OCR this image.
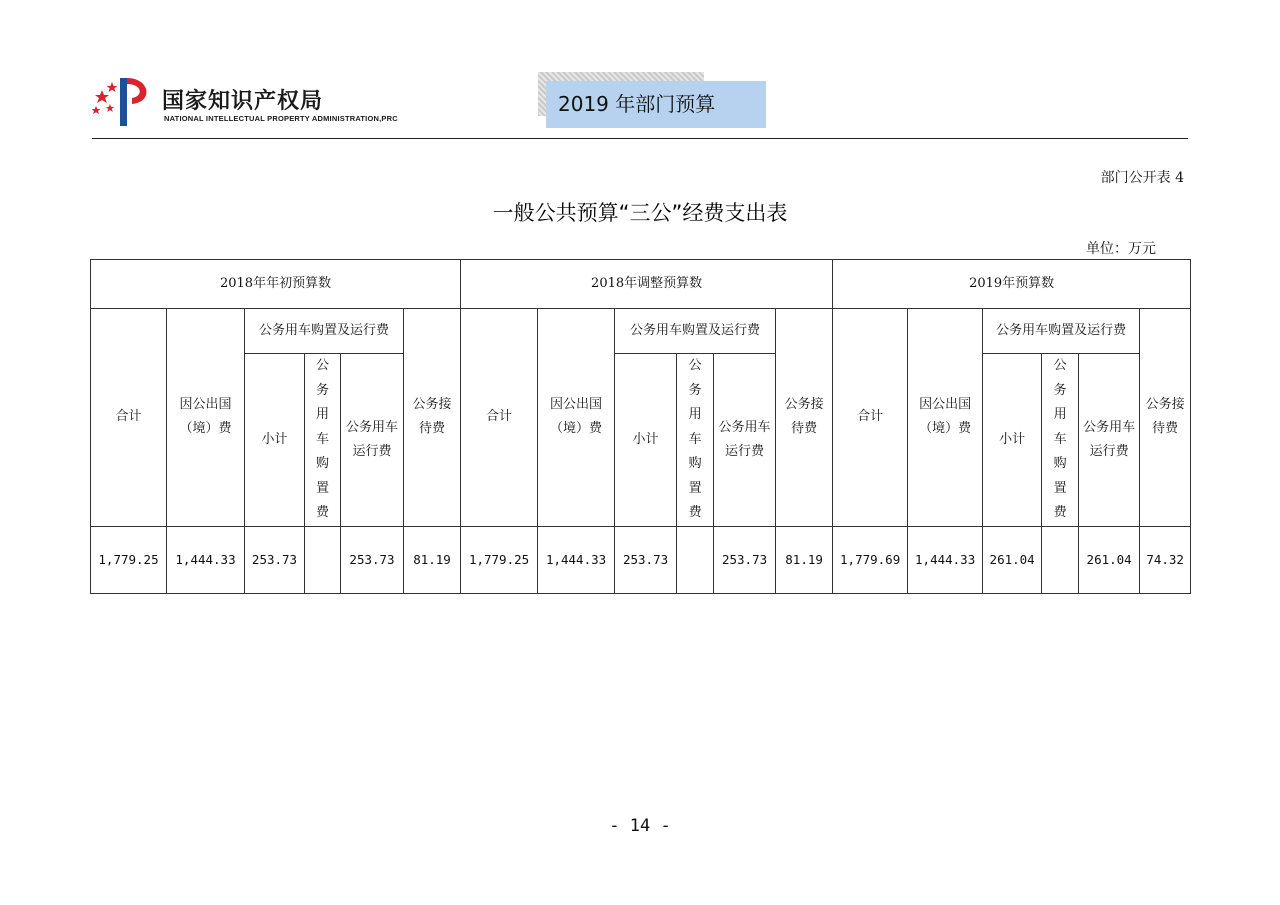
国家知识产权局
NATIONAL INTELLECTUAL PROPERTY ADMINISTRATION,PRC
2019 年部门预算
部门公开表 4
一般公共预算“三公”经费支出表
单位：万元
2018年年初预算数						2018年调整预算数						2019年预算数					
合计	因公出国（境）费	公务用车购置及运行费			公务接待费	合计	因公出国（境）费	公务用车购置及运行费			公务接待费	合计	因公出国（境）费	公务用车购置及运行费			公务接待费
		小计	公务用车购置费	公务用车运行费				小计	公务用车购置费	公务用车运行费				小计	公务用车购置费	公务用车运行费	
1,779.25	1,444.33	253.73		253.73	81.19	1,779.25	1,444.33	253.73		253.73	81.19	1,779.69	1,444.33	261.04		261.04	74.32
- 14 -
